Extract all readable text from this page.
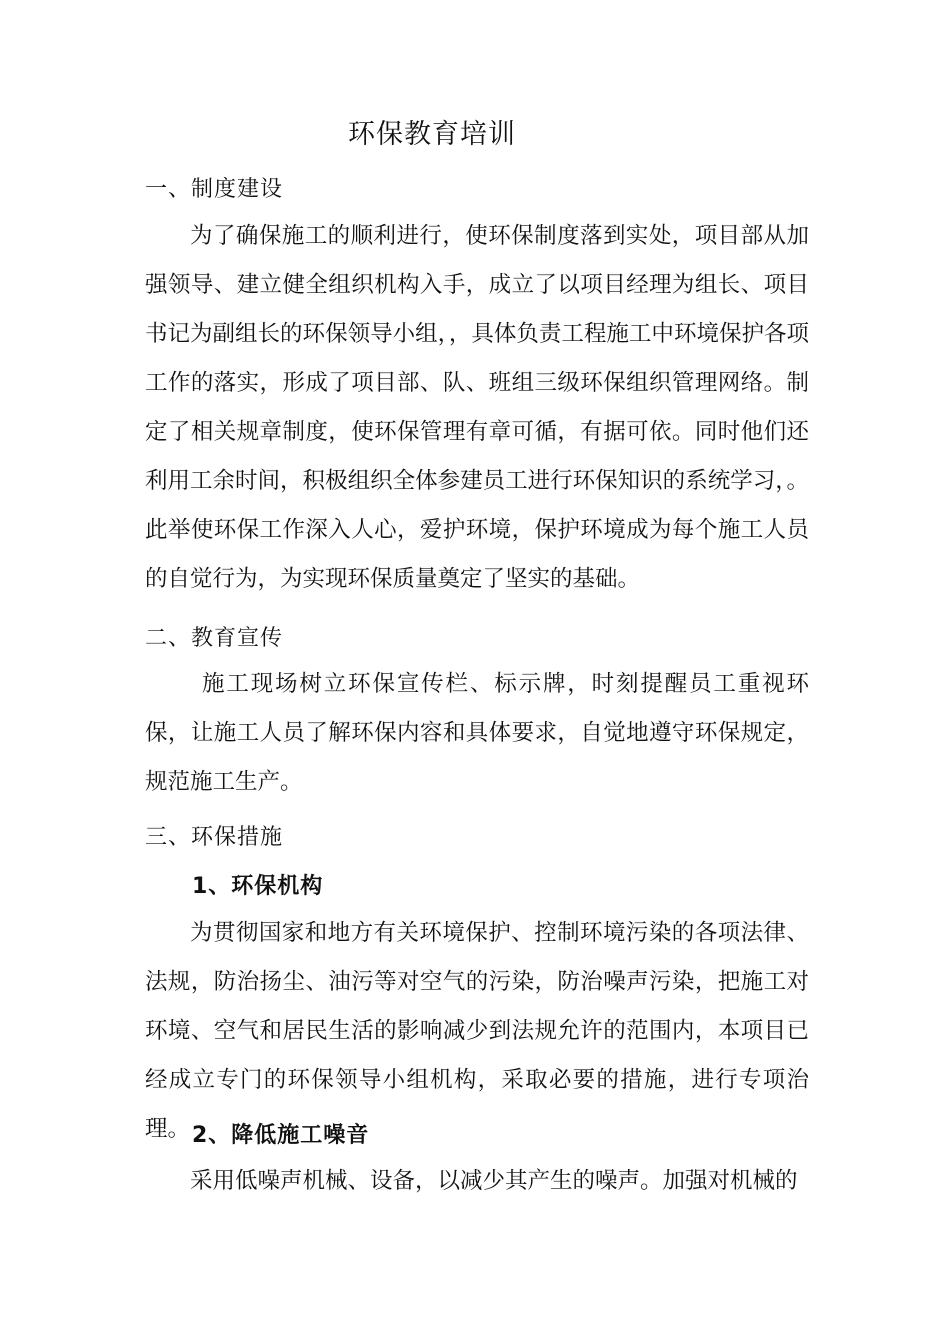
环保教育培训
一、制度建设
为了确保施工的顺利进行，使环保制度落到实处，项目部从加强领导、建立健全组织机构入手，成立了以项目经理为组长、项目书记为副组长的环保领导小组，，具体负责工程施工中环境保护各项工作的落实，形成了项目部、队、班组三级环保组织管理网络。制定了相关规章制度，使环保管理有章可循，有据可依。同时他们还利用工余时间，积极组织全体参建员工进行环保知识的系统学习，。此举使环保工作深入人心，爱护环境，保护环境成为每个施工人员的自觉行为，为实现环保质量奠定了坚实的基础。
二、教育宣传
施工现场树立环保宣传栏、标示牌，时刻提醒员工重视环保，让施工人员了解环保内容和具体要求，自觉地遵守环保规定，规范施工生产。
三、环保措施
1、环保机构
为贯彻国家和地方有关环境保护、控制环境污染的各项法律、法规，防治扬尘、油污等对空气的污染，防治噪声污染，把施工对环境、空气和居民生活的影响减少到法规允许的范围内，本项目已经成立专门的环保领导小组机构，采取必要的措施，进行专项治理。 2、降低施工噪音
采用低噪声机械、设备，以减少其产生的噪声。加强对机械的
